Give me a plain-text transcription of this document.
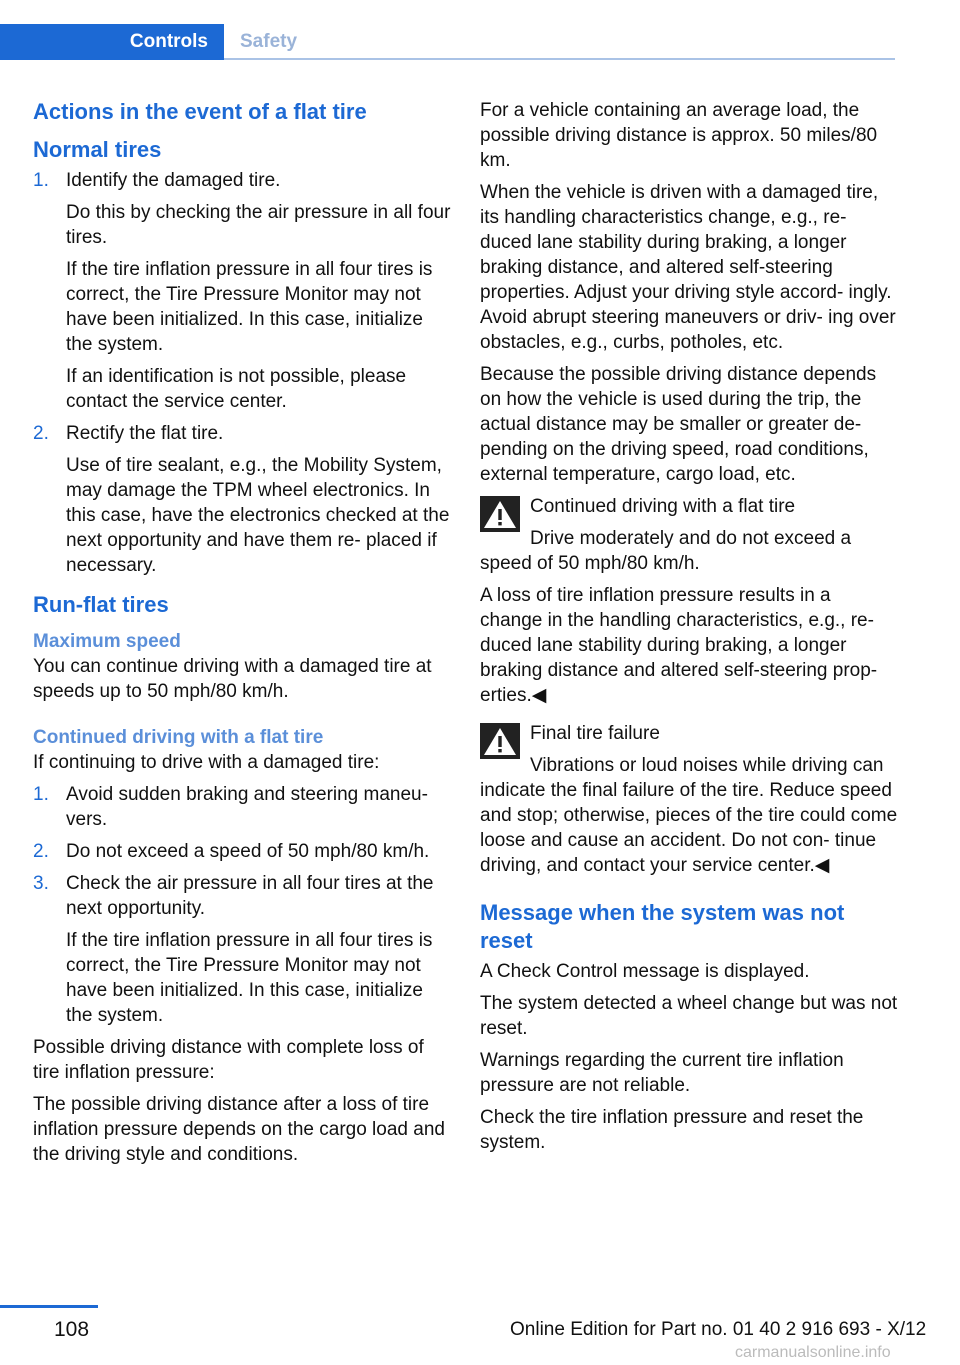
Controls	Safety
Actions in the event of a flat tire
Normal tires
1. Identify the damaged tire.

Do this by checking the air pressure in all four tires.

If the tire inflation pressure in all four tires is correct, the Tire Pressure Monitor may not have been initialized. In this case, initialize the system.

If an identification is not possible, please contact the service center.

2. Rectify the flat tire.

Use of tire sealant, e.g., the Mobility System, may damage the TPM wheel electronics. In this case, have the electronics checked at the next opportunity and have them re‐ placed if necessary.

Run-flat tires
Maximum speed

You can continue driving with a damaged tire at speeds up to 50 mph/80 km/h.

Continued driving with a flat tire

If continuing to drive with a damaged tire:

1. Avoid sudden braking and steering maneu‐ vers.

2. Do not exceed a speed of 50 mph/80 km/h.

3. Check the air pressure in all four tires at the next opportunity.

If the tire inflation pressure in all four tires is correct, the Tire Pressure Monitor may not have been initialized. In this case, initialize the system.

Possible driving distance with complete loss of tire inflation pressure:

The possible driving distance after a loss of tire inflation pressure depends on the cargo load and the driving style and conditions.

For a vehicle containing an average load, the possible driving distance is approx. 50 miles/80 km.

When the vehicle is driven with a damaged tire, its handling characteristics change, e.g., re‐ duced lane stability during braking, a longer braking distance, and altered self-steering properties. Adjust your driving style accord‐ ingly. Avoid abrupt steering maneuvers or driv‐ ing over obstacles, e.g., curbs, potholes, etc.

Because the possible driving distance depends on how the vehicle is used during the trip, the actual distance may be smaller or greater de‐ pending on the driving speed, road conditions, external temperature, cargo load, etc.

Continued driving with a flat tire

Drive moderately and do not exceed a speed of 50 mph/80 km/h.

A loss of tire inflation pressure results in a change in the handling characteristics, e.g., re‐ duced lane stability during braking, a longer braking distance and altered self-steering prop‐ erties.◀

Final tire failure

Vibrations or loud noises while driving can indicate the final failure of the tire. Reduce speed and stop; otherwise, pieces of the tire could come loose and cause an accident. Do not con‐ tinue driving, and contact your service center.◀

Message when the system was not reset

A Check Control message is displayed.

The system detected a wheel change but was not reset.

Warnings regarding the current tire inflation pressure are not reliable.

Check the tire inflation pressure and reset the system.

108	Online Edition for Part no. 01 40 2 916 693 - X/12
carmanualsonline.info
